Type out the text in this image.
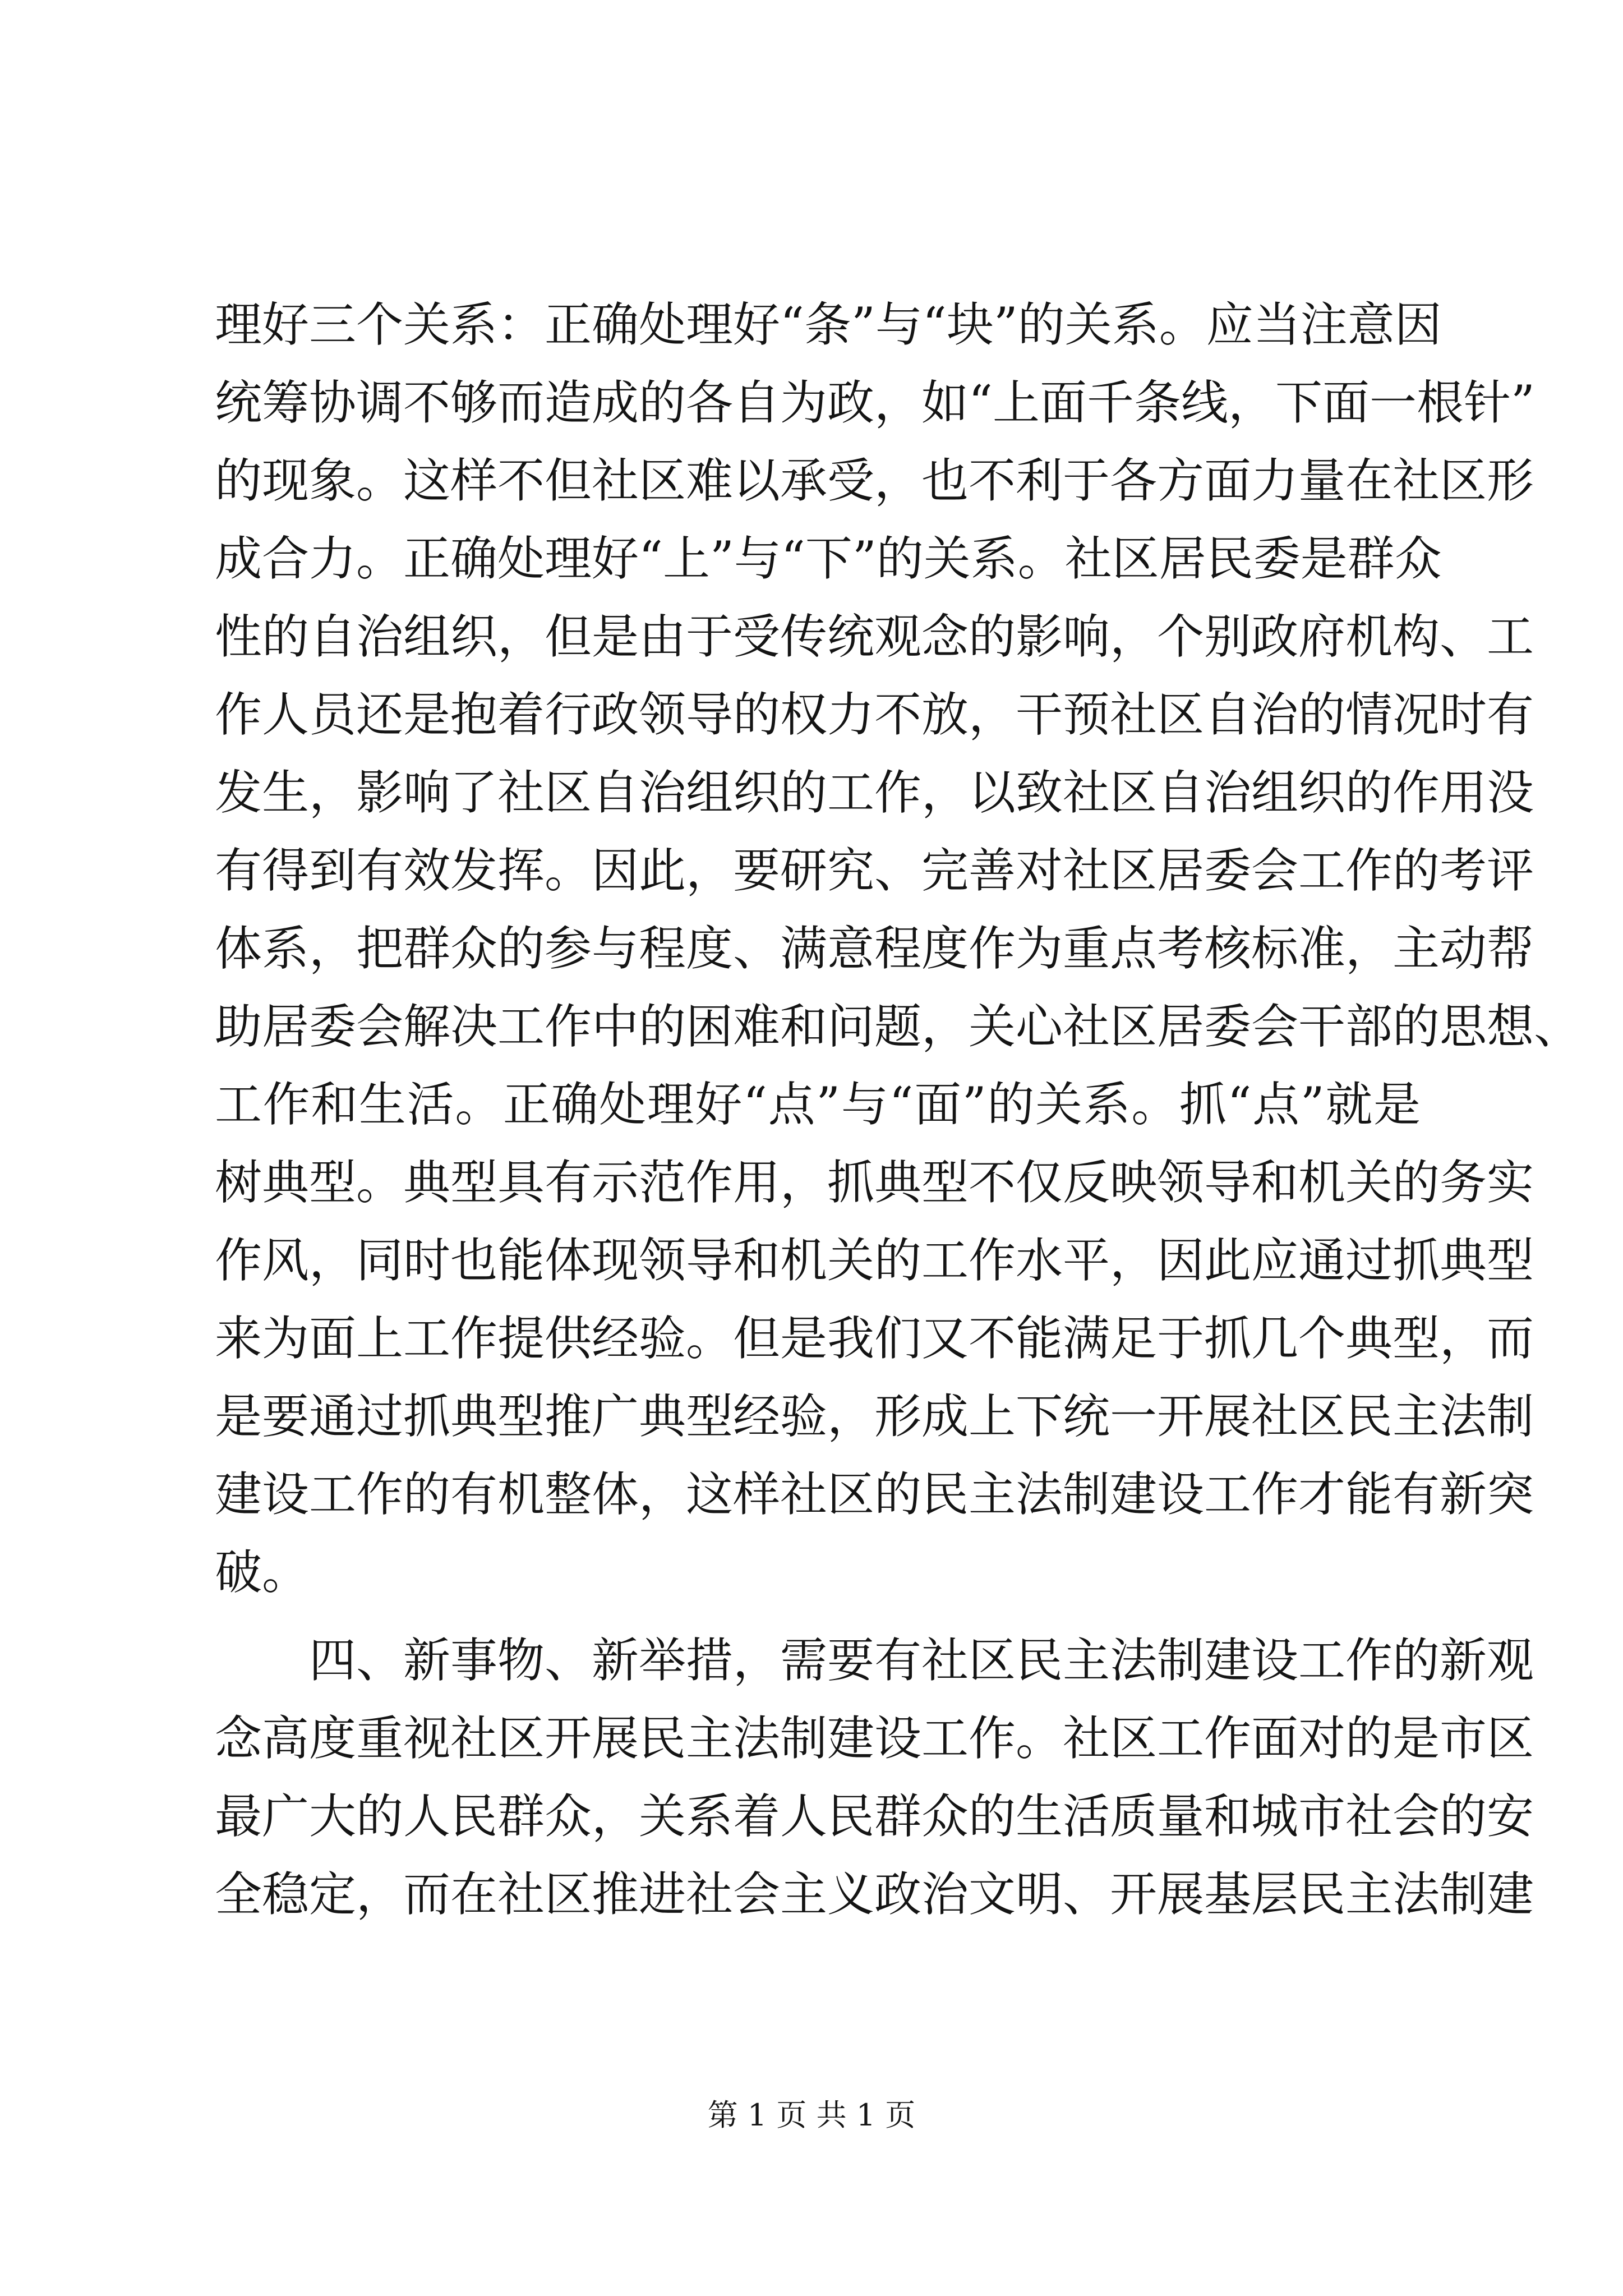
理好三个关系：正确处理好“条”与“块”的关系。应当注意因
统筹协调不够而造成的各自为政，如“上面千条线，下面一根针”
的现象。这样不但社区难以承受，也不利于各方面力量在社区形
成合力。正确处理好“上”与“下”的关系。社区居民委是群众
性的自治组织，但是由于受传统观念的影响，个别政府机构、工
作人员还是抱着行政领导的权力不放，干预社区自治的情况时有
发生，影响了社区自治组织的工作，以致社区自治组织的作用没
有得到有效发挥。因此，要研究、完善对社区居委会工作的考评
体系，把群众的参与程度、满意程度作为重点考核标准，主动帮
助居委会解决工作中的困难和问题，关心社区居委会干部的思想、
工作和生活。正确处理好“点”与“面”的关系。抓“点”就是
树典型。典型具有示范作用，抓典型不仅反映领导和机关的务实
作风，同时也能体现领导和机关的工作水平，因此应通过抓典型
来为面上工作提供经验。但是我们又不能满足于抓几个典型，而
是要通过抓典型推广典型经验，形成上下统一开展社区民主法制
建设工作的有机整体，这样社区的民主法制建设工作才能有新突
破。
四、新事物、新举措，需要有社区民主法制建设工作的新观
念高度重视社区开展民主法制建设工作。社区工作面对的是市区
最广大的人民群众，关系着人民群众的生活质量和城市社会的安
全稳定，而在社区推进社会主义政治文明、开展基层民主法制建
第 1 页 共 1 页
